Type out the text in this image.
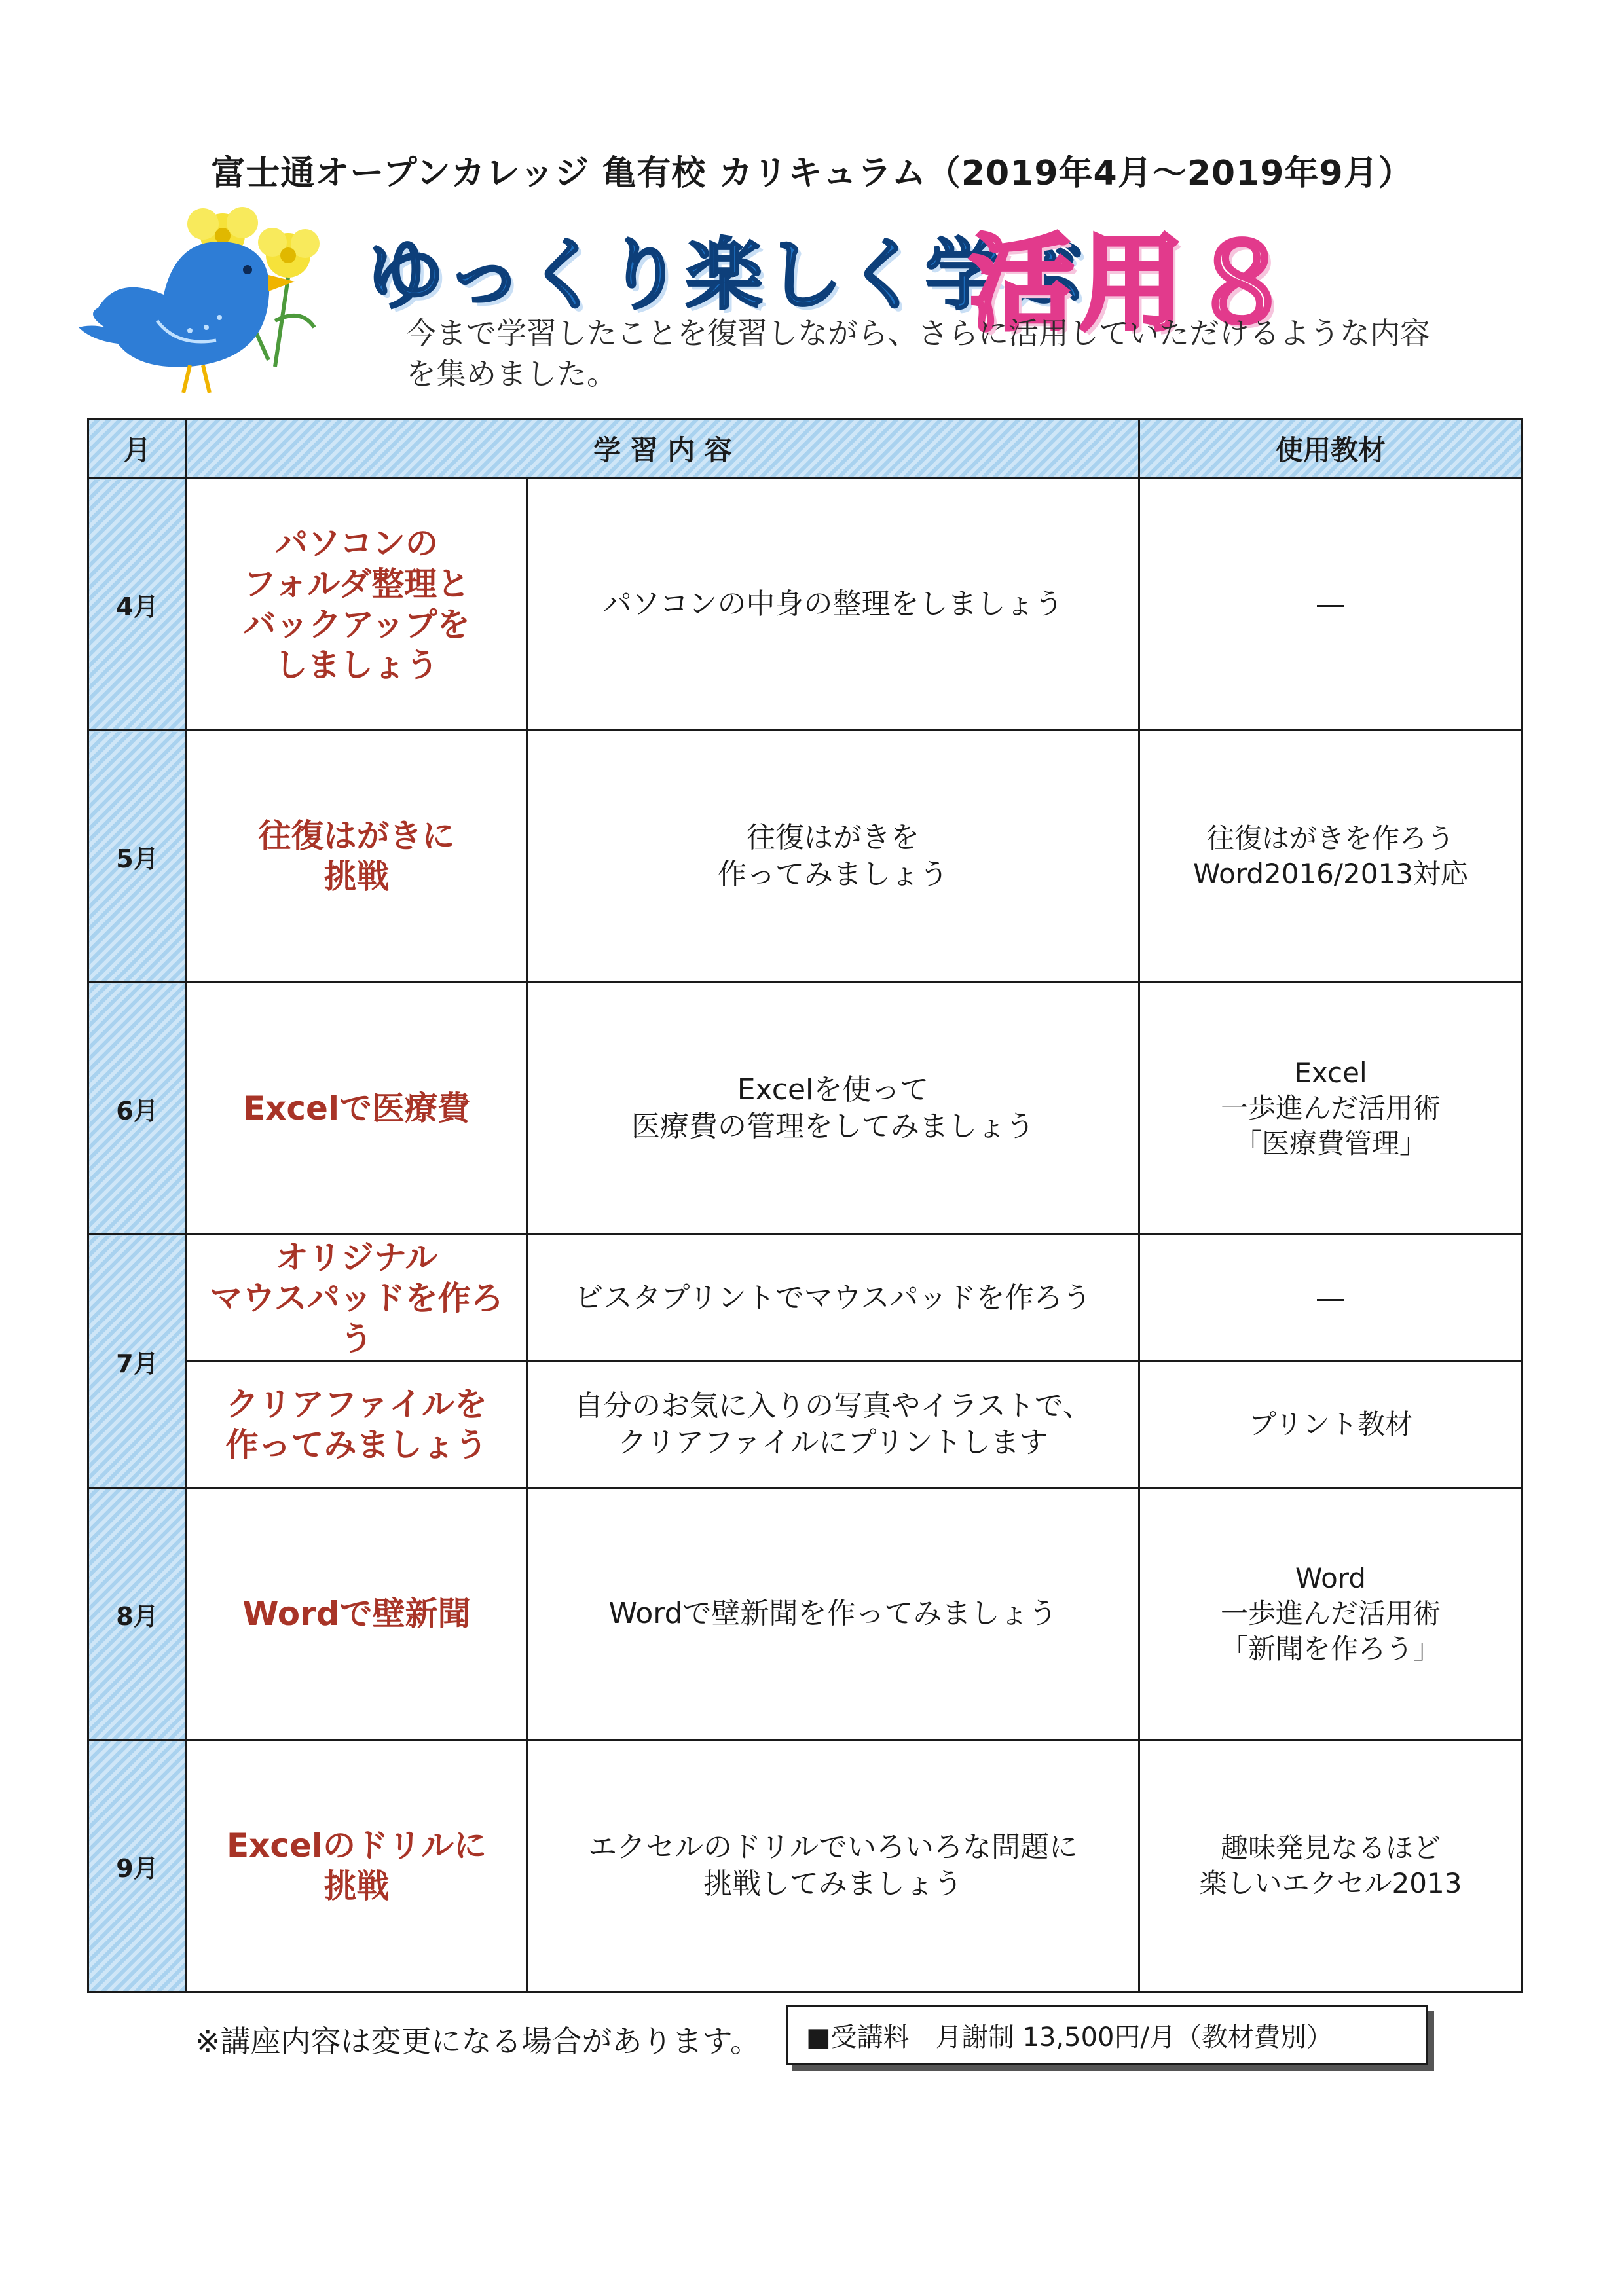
富士通オープンカレッジ 亀有校 カリキュラム（2019年4月～2019年9月）
ゆっくり楽しく学ぶ
活用８
今まで学習したことを復習しながら、さらに活用していただけるような内容を集めました。
月	学 習 内 容		使用教材
4月	パソコンの
フォルダ整理と
バックアップを
しましょう	パソコンの中身の整理をしましょう	―
5月	往復はがきに
挑戦	往復はがきを
作ってみましょう	往復はがきを作ろう
Word2016/2013対応
6月	Excelで医療費	Excelを使って
医療費の管理をしてみましょう	Excel
一歩進んだ活用術
「医療費管理」
7月	オリジナル
マウスパッドを作ろう	ビスタプリントでマウスパッドを作ろう	―
	クリアファイルを
作ってみましょう	自分のお気に入りの写真やイラストで、
クリアファイルにプリントします	プリント教材
8月	Wordで壁新聞	Wordで壁新聞を作ってみましょう	Word
一歩進んだ活用術
「新聞を作ろう」
9月	Excelのドリルに
挑戦	エクセルのドリルでいろいろな問題に
挑戦してみましょう	趣味発見なるほど
楽しいエクセル2013
※講座内容は変更になる場合があります。 ■受講料　月謝制 13,500円/月（教材費別）
